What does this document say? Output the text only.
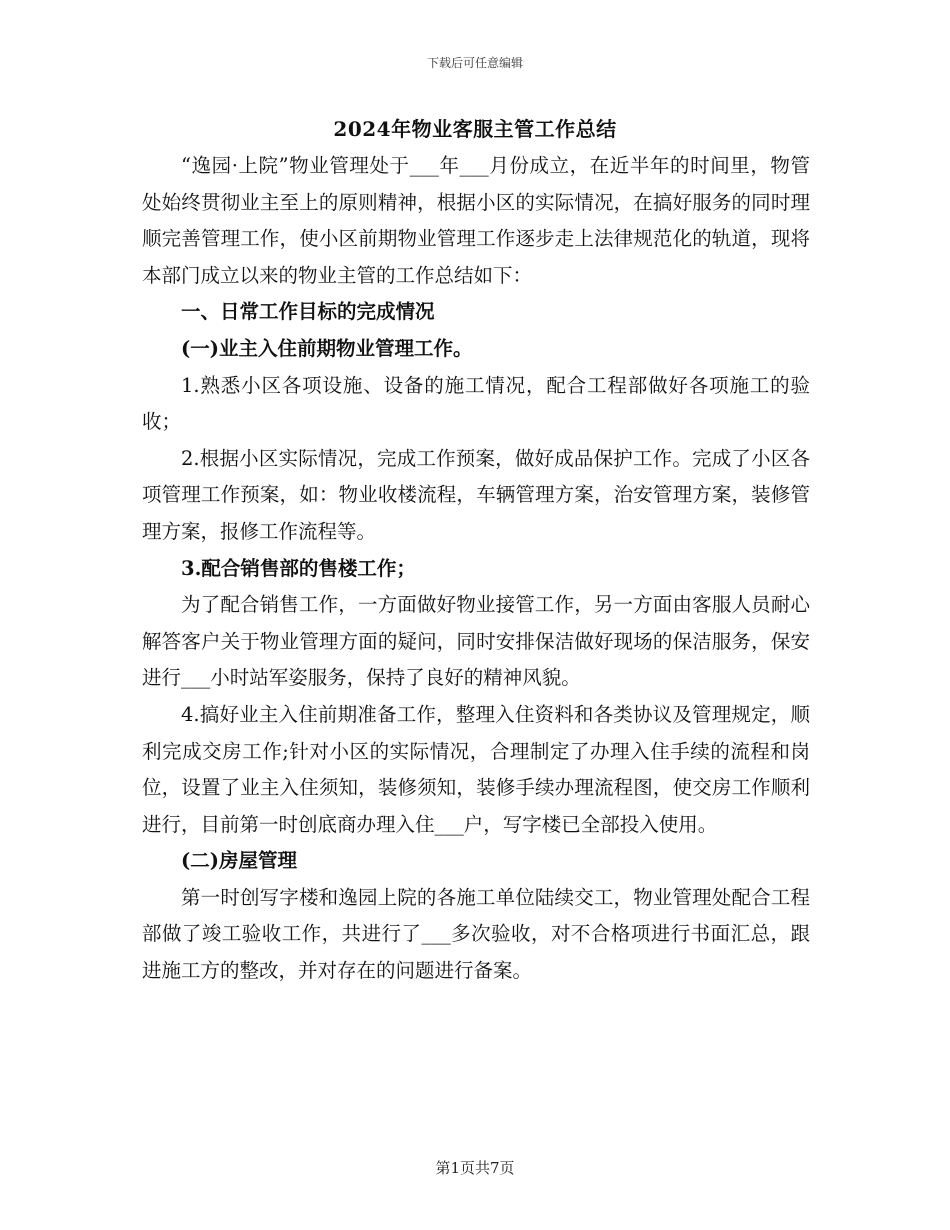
下载后可任意编辑
2024年物业客服主管工作总结

“逸园·上院”物业管理处于___年___月份成立，在近半年的时间里，物管处始终贯彻业主至上的原则精神，根据小区的实际情况，在搞好服务的同时理顺完善管理工作，使小区前期物业管理工作逐步走上法律规范化的轨道，现将本部门成立以来的物业主管的工作总结如下：

一、日常工作目标的完成情况

(一)业主入住前期物业管理工作。

1.熟悉小区各项设施、设备的施工情况，配合工程部做好各项施工的验收；

2.根据小区实际情况，完成工作预案，做好成品保护工作。完成了小区各项管理工作预案，如：物业收楼流程，车辆管理方案，治安管理方案，装修管理方案，报修工作流程等。

3.配合销售部的售楼工作；

为了配合销售工作，一方面做好物业接管工作，另一方面由客服人员耐心解答客户关于物业管理方面的疑问，同时安排保洁做好现场的保洁服务，保安进行___小时站军姿服务，保持了良好的精神风貌。

4.搞好业主入住前期准备工作，整理入住资料和各类协议及管理规定，顺利完成交房工作;针对小区的实际情况，合理制定了办理入住手续的流程和岗位，设置了业主入住须知，装修须知，装修手续办理流程图，使交房工作顺利进行，目前第一时创底商办理入住___户，写字楼已全部投入使用。

(二)房屋管理

第一时创写字楼和逸园上院的各施工单位陆续交工，物业管理处配合工程部做了竣工验收工作，共进行了___多次验收，对不合格项进行书面汇总，跟进施工方的整改，并对存在的问题进行备案。

第1页共7页
